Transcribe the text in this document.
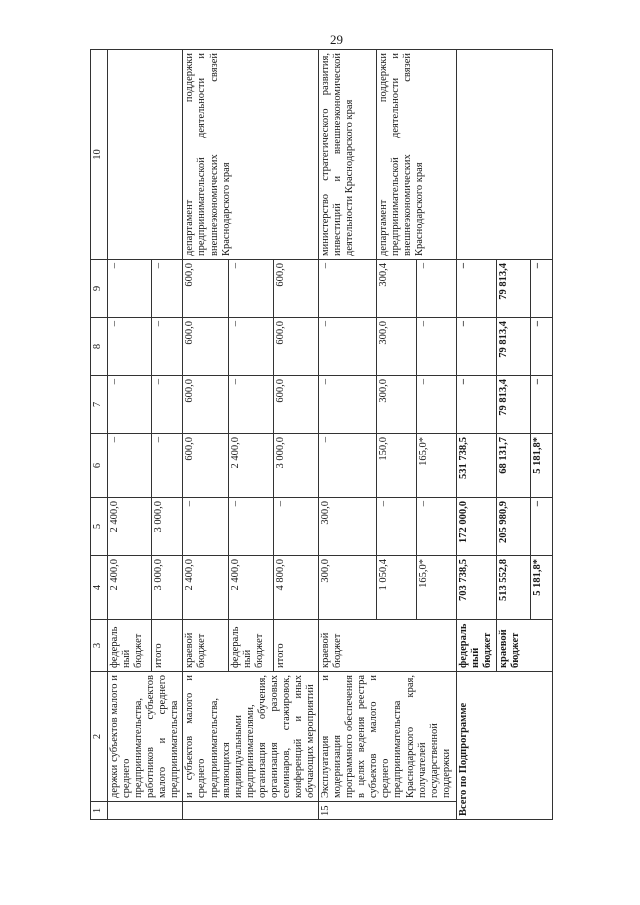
29
1	2	3	4	5	6	7	8	9	10
	держки субъектов малого и среднего предпринимательства, работников субъектов малого и среднего предпринимательства	федеральный бюджет	2 400,0	2 400,0	–	–	–	–	
		итого	3 000,0	3 000,0	–	–	–	–	
	и субъектов малого и среднего предпринимательства, являющихся индивидуальными предпринимателями, организация обучения, организация разовых семинаров, стажировок, конференций и иных обучающих мероприятий	краевой бюджет	2 400,0	–	600,0	600,0	600,0	600,0	департамент поддержки предпринимательской деятельности и внешнеэкономических связей Краснодарского края
		федеральный бюджет	2 400,0	–	2 400,0	–	–	–	
		итого	4 800,0	–	3 000,0	600,0	600,0	600,0	
15	Эксплуатация и модернизация программного обеспечения в целях ведения реестра субъектов малого и среднего предпринимательства Краснодарского края, получателей государственной поддержки	краевой бюджет	300,0	300,0	–	–	–	–	министерство стратегического развития, инвестиций и внешнеэкономической деятельности Краснодарского края
			1 050,4	–	150,0	300,0	300,0	300,4	департамент поддержки предпринимательской деятельности и внешнеэкономических связей Краснодарского края
			165,0*	–	165,0*	–	–	–	
Всего по Подпрограмме		федеральный бюджет	703 738,5	172 000,0	531 738,5	–	–	–	
		краевой бюджет	513 552,8	205 980,9	68 131,7	79 813,4	79 813,4	79 813,4	
			5 181,8*	–	5 181,8*	–	–	–	
